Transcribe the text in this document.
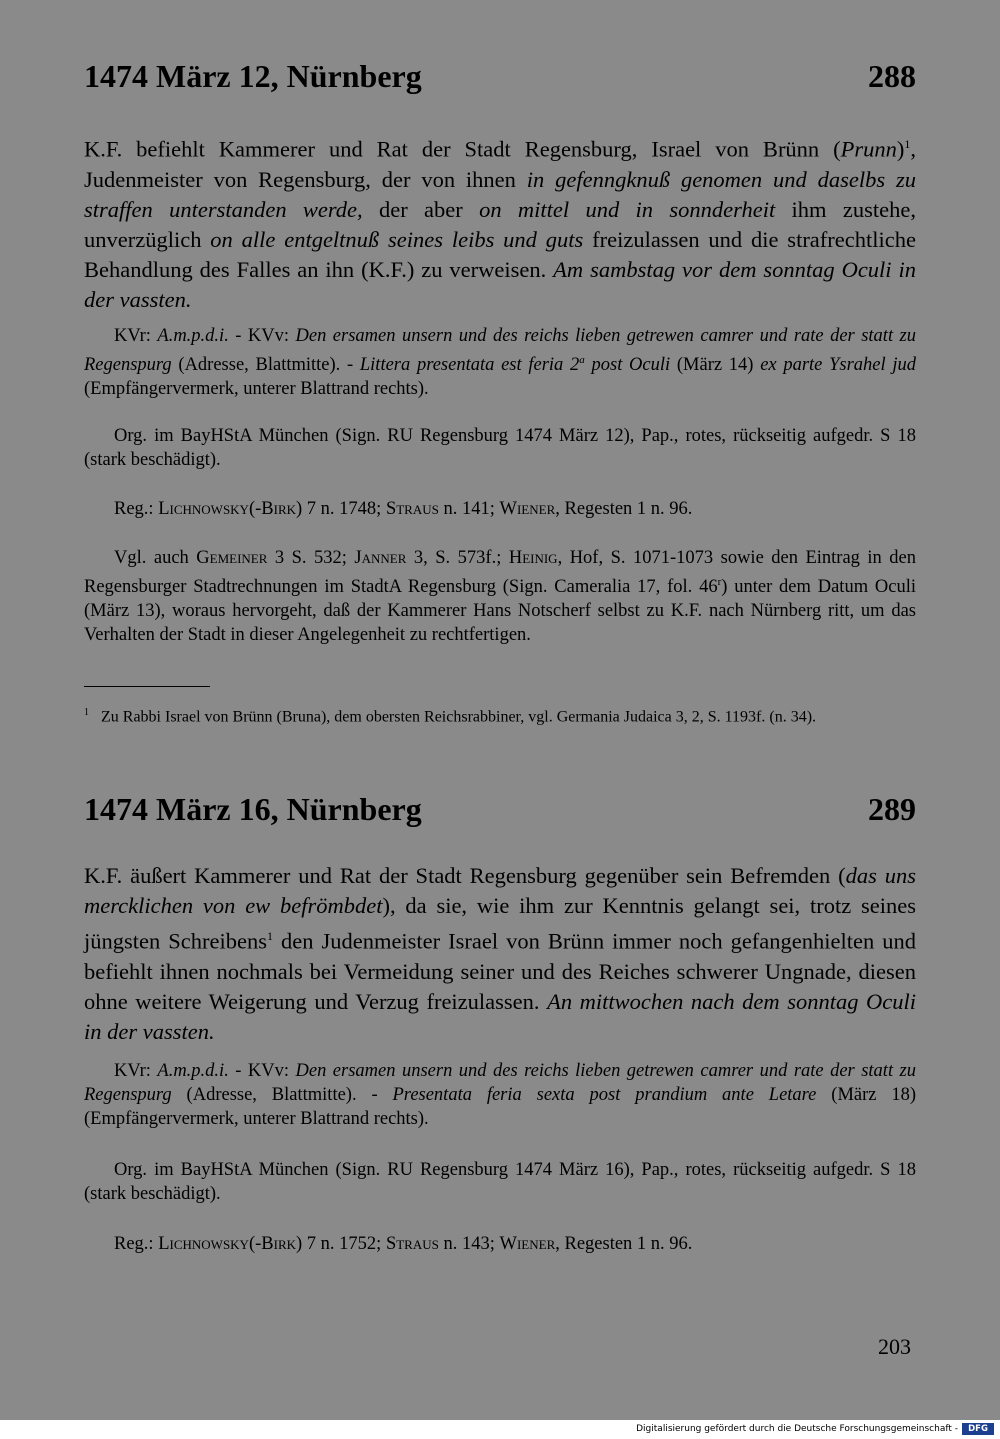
1474 März 12, Nürnberg	288

K.F. befiehlt Kammerer und Rat der Stadt Regensburg, Israel von Brünn (Prunn)$^1$, Judenmeister von Regensburg, der von ihnen in gefenngknuß genomen und daselbs zu straffen unterstanden werde, der aber on mittel und in sonnderheit ihm zustehe, unverzüglich on alle entgeltnuß seines leibs und guts freizulassen und die strafrechtliche Behandlung des Falles an ihn (K.F.) zu verweisen. Am sambstag vor dem sonntag Oculi in der vassten.

KVr: A.m.p.d.i. - KVv: Den ersamen unsern und des reichs lieben getrewen camrer und rate der statt zu Regenspurg (Adresse, Blattmitte). - Littera presentata est feria 2$^a$ post Oculi (März 14) ex parte Ysrahel jud (Empfängervermerk, unterer Blattrand rechts).

Org. im BayHStA München (Sign. RU Regensburg 1474 März 12), Pap., rotes, rückseitig aufgedr. S 18 (stark beschädigt).

Reg.: Lichnowsky(-Birk) 7 n. 1748; Straus n. 141; Wiener, Regesten 1 n. 96.

Vgl. auch Gemeiner 3 S. 532; Janner 3, S. 573f.; Heinig, Hof, S. 1071-1073 sowie den Eintrag in den Regensburger Stadtrechnungen im StadtA Regensburg (Sign. Cameralia 17, fol. 46$^r$) unter dem Datum Oculi (März 13), woraus hervorgeht, daß der Kammerer Hans Notscherf selbst zu K.F. nach Nürnberg ritt, um das Verhalten der Stadt in dieser Angelegenheit zu rechtfertigen.

$^1$ Zu Rabbi Israel von Brünn (Bruna), dem obersten Reichsrabbiner, vgl. Germania Judaica 3, 2, S. 1193f. (n. 34).

1474 März 16, Nürnberg	289

K.F. äußert Kammerer und Rat der Stadt Regensburg gegenüber sein Befremden (das uns mercklichen von ew befrömbdet), da sie, wie ihm zur Kenntnis gelangt sei, trotz seines jüngsten Schreibens$^1$ den Judenmeister Israel von Brünn immer noch gefangenhielten und befiehlt ihnen nochmals bei Vermeidung seiner und des Reiches schwerer Ungnade, diesen ohne weitere Weigerung und Verzug freizulassen. An mittwochen nach dem sonntag Oculi in der vassten.

KVr: A.m.p.d.i. - KVv: Den ersamen unsern und des reichs lieben getrewen camrer und rate der statt zu Regenspurg (Adresse, Blattmitte). - Presentata feria sexta post prandium ante Letare (März 18) (Empfängervermerk, unterer Blattrand rechts).

Org. im BayHStA München (Sign. RU Regensburg 1474 März 16), Pap., rotes, rückseitig aufgedr. S 18 (stark beschädigt).

Reg.: Lichnowsky(-Birk) 7 n. 1752; Straus n. 143; Wiener, Regesten 1 n. 96.

203
Digitalisierung gefördert durch die Deutsche Forschungsgemeinschaft -	DFG
